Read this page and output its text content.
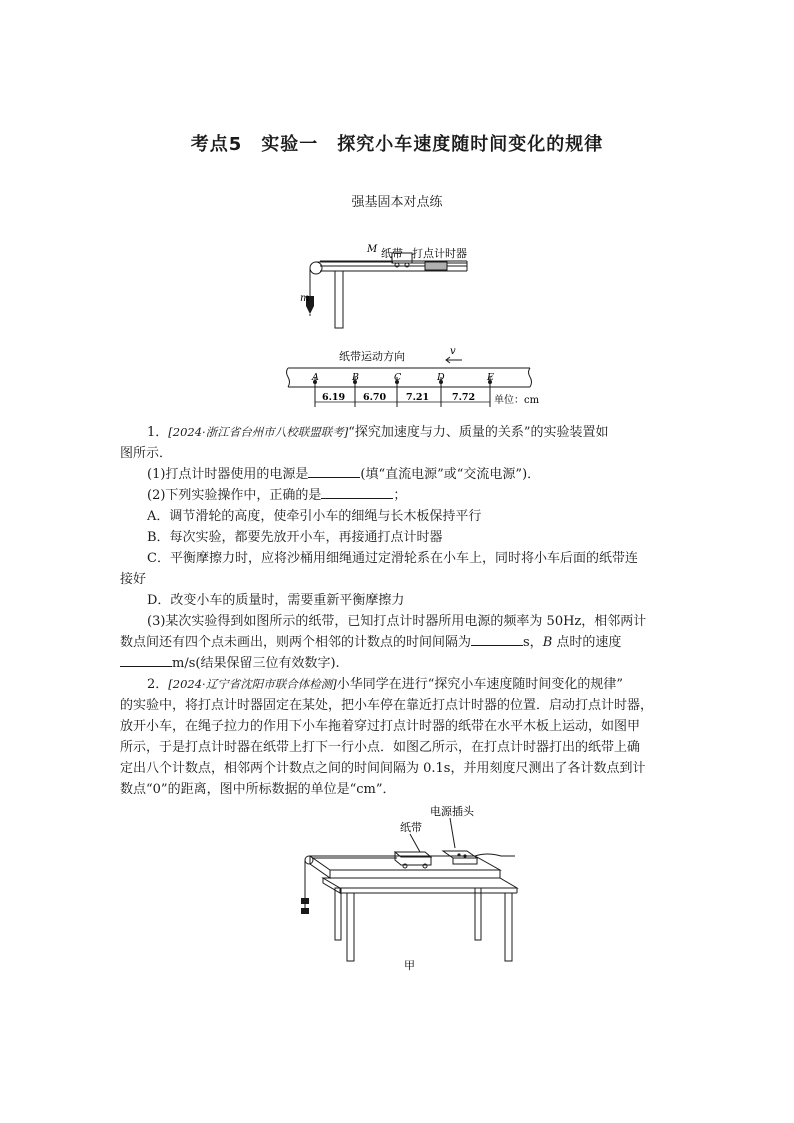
考点5　实验一　探究小车速度随时间变化的规律
强基固本对点练
M 纸带 打点计时器
m
纸带运动方向	v
A	B	C	D	E
6.19 6.70 7.21 7.72 单位：cm
1．[2024·浙江省台州市八校联盟联考]“探究加速度与力、质量的关系”的实验装置如
图所示．
(1)打点计时器使用的电源是	(填“直流电源”或“交流电源”)．
(2)下列实验操作中，正确的是	；
A．调节滑轮的高度，使牵引小车的细绳与长木板保持平行
B．每次实验，都要先放开小车，再接通打点计时器
C．平衡摩擦力时，应将沙桶用细绳通过定滑轮系在小车上，同时将小车后面的纸带连
接好
D．改变小车的质量时，需要重新平衡摩擦力
(3)某次实验得到如图所示的纸带，已知打点计时器所用电源的频率为 50Hz，相邻两计
数点间还有四个点未画出，则两个相邻的计数点的时间间隔为	s，B 点时的速度
m/s(结果保留三位有效数字).
2．[2024·辽宁省沈阳市联合体检测]小华同学在进行“探究小车速度随时间变化的规律”
的实验中，将打点计时器固定在某处，把小车停在靠近打点计时器的位置．启动打点计时器，
放开小车，在绳子拉力的作用下小车拖着穿过打点计时器的纸带在水平木板上运动，如图甲
所示，于是打点计时器在纸带上打下一行小点．如图乙所示，在打点计时器打出的纸带上确
定出八个计数点，相邻两个计数点之间的时间间隔为 0.1s，并用刻度尺测出了各计数点到计
数点“0”的距离，图中所标数据的单位是“cm”．
电源插头
纸带
甲
